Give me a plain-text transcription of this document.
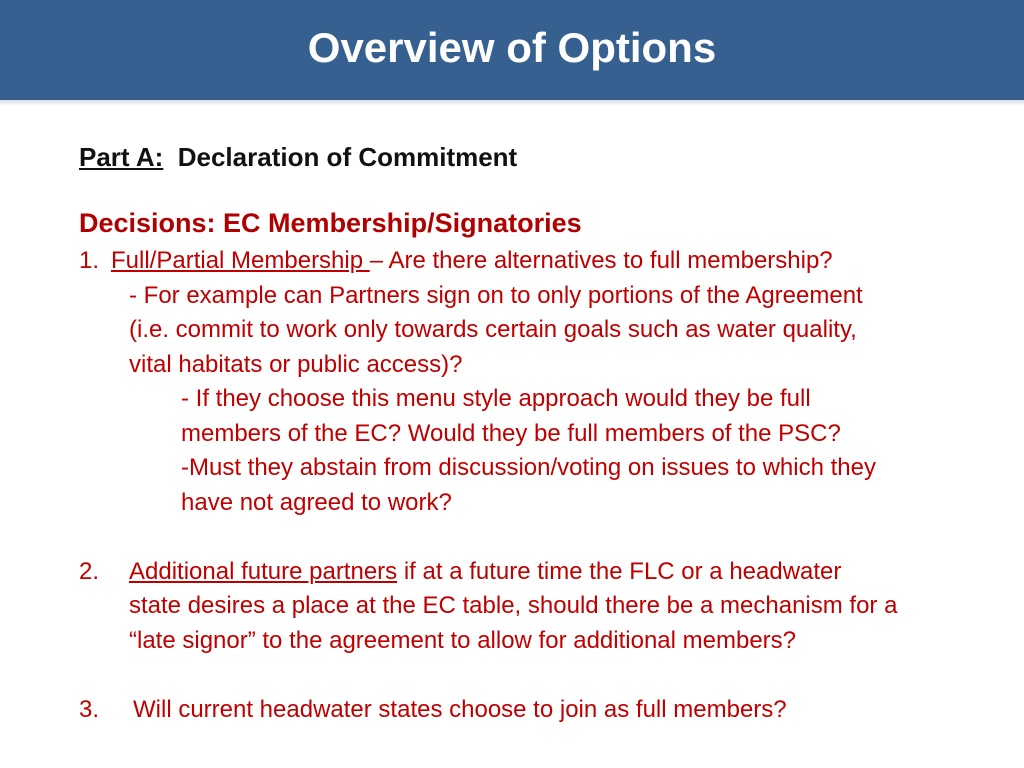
Overview of Options
Part A: Declaration of Commitment
Decisions: EC Membership/Signatories
1. Full/Partial Membership – Are there alternatives to full membership?
- For example can Partners sign on to only portions of the Agreement
(i.e. commit to work only towards certain goals such as water quality,
vital habitats or public access)?
- If they choose this menu style approach would they be full
members of the EC? Would they be full members of the PSC?
-Must they abstain from discussion/voting on issues to which they
have not agreed to work?
2. Additional future partners if at a future time the FLC or a headwater
state desires a place at the EC table, should there be a mechanism for a
“late signor” to the agreement to allow for additional members?
3. Will current headwater states choose to join as full members?
